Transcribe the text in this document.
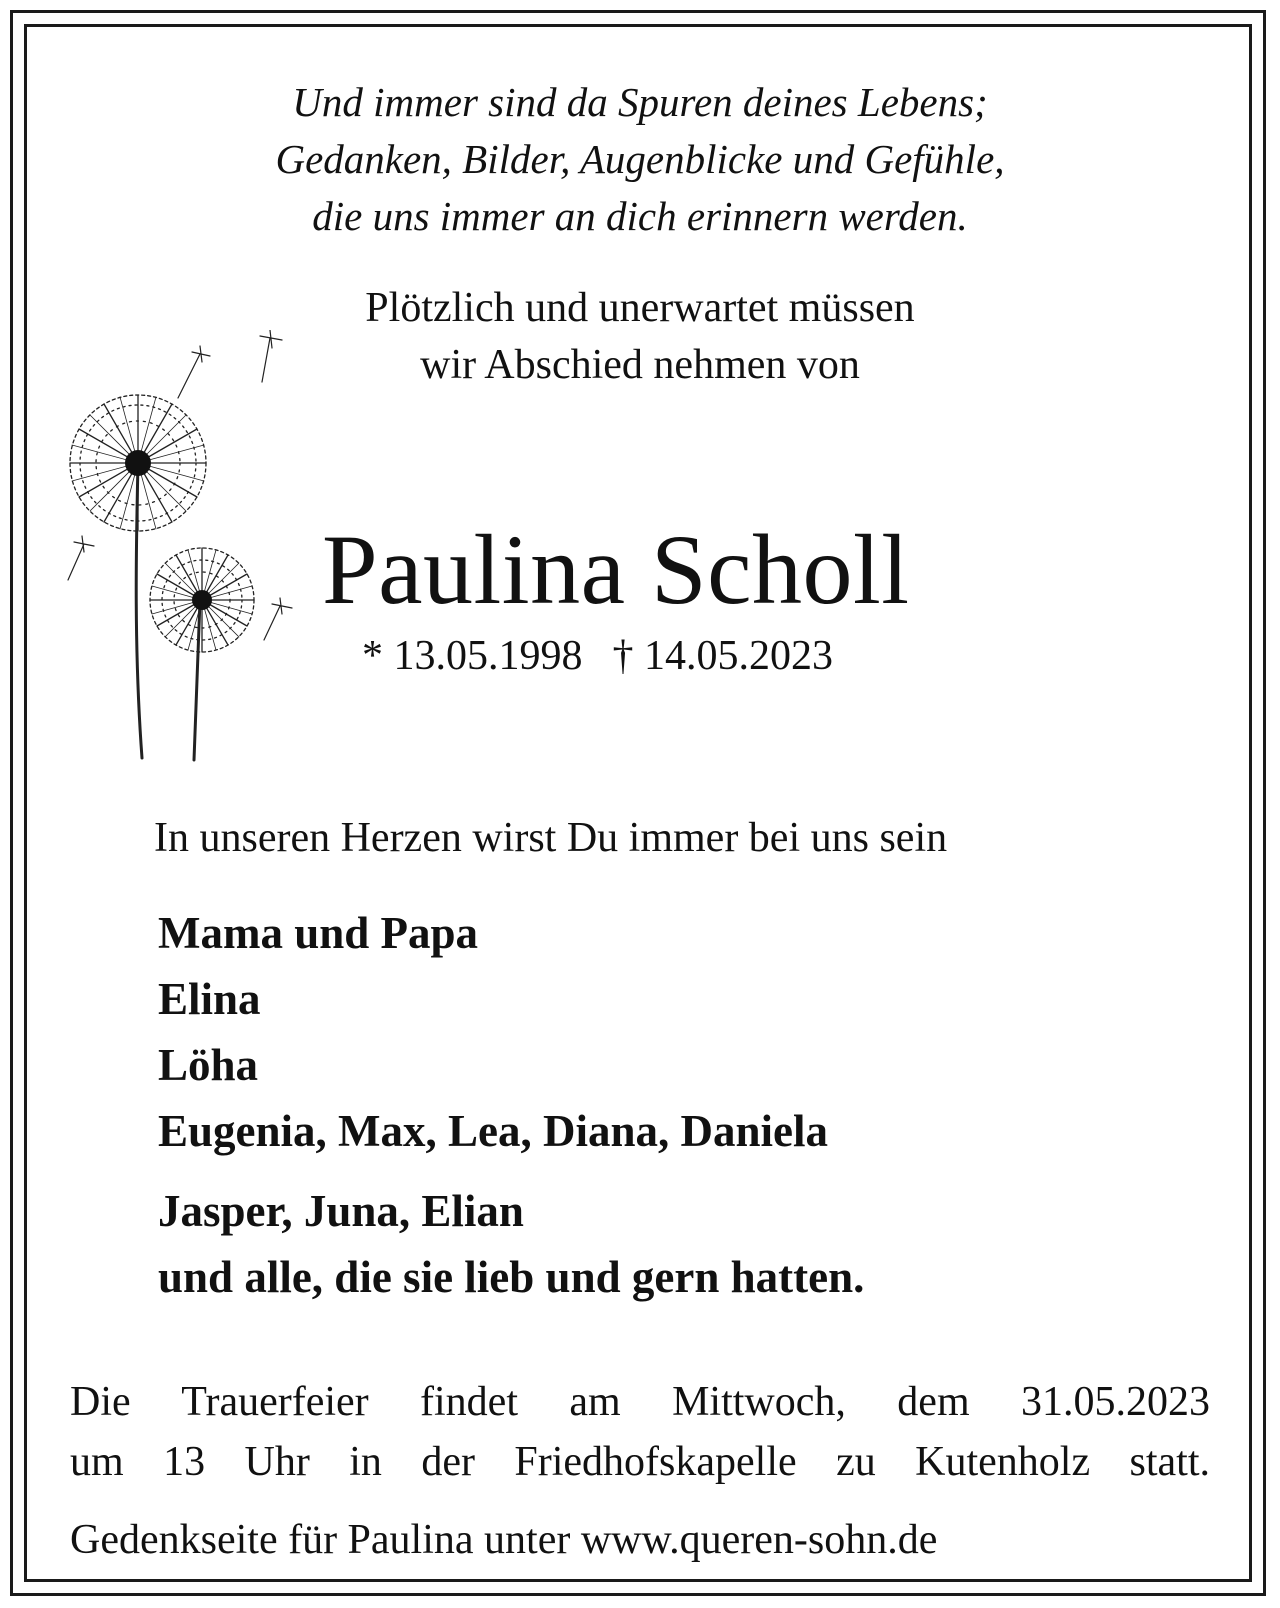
Und immer sind da Spuren deines Lebens;
Gedanken, Bilder, Augenblicke und Gefühle,
die uns immer an dich erinnern werden.
Plötzlich und unerwartet müssen
wir Abschied nehmen von
Paulina Scholl
* 13.05.1998 † 14.05.2023
In unseren Herzen wirst Du immer bei uns sein
Mama und Papa
Elina
Löha
Eugenia, Max, Lea, Diana, Daniela
Jasper, Juna, Elian
und alle, die sie lieb und gern hatten.
Die Trauerfeier findet am Mittwoch, dem 31.05.2023
um 13 Uhr in der Friedhofskapelle zu Kutenholz statt.
Gedenkseite für Paulina unter www.queren-sohn.de
